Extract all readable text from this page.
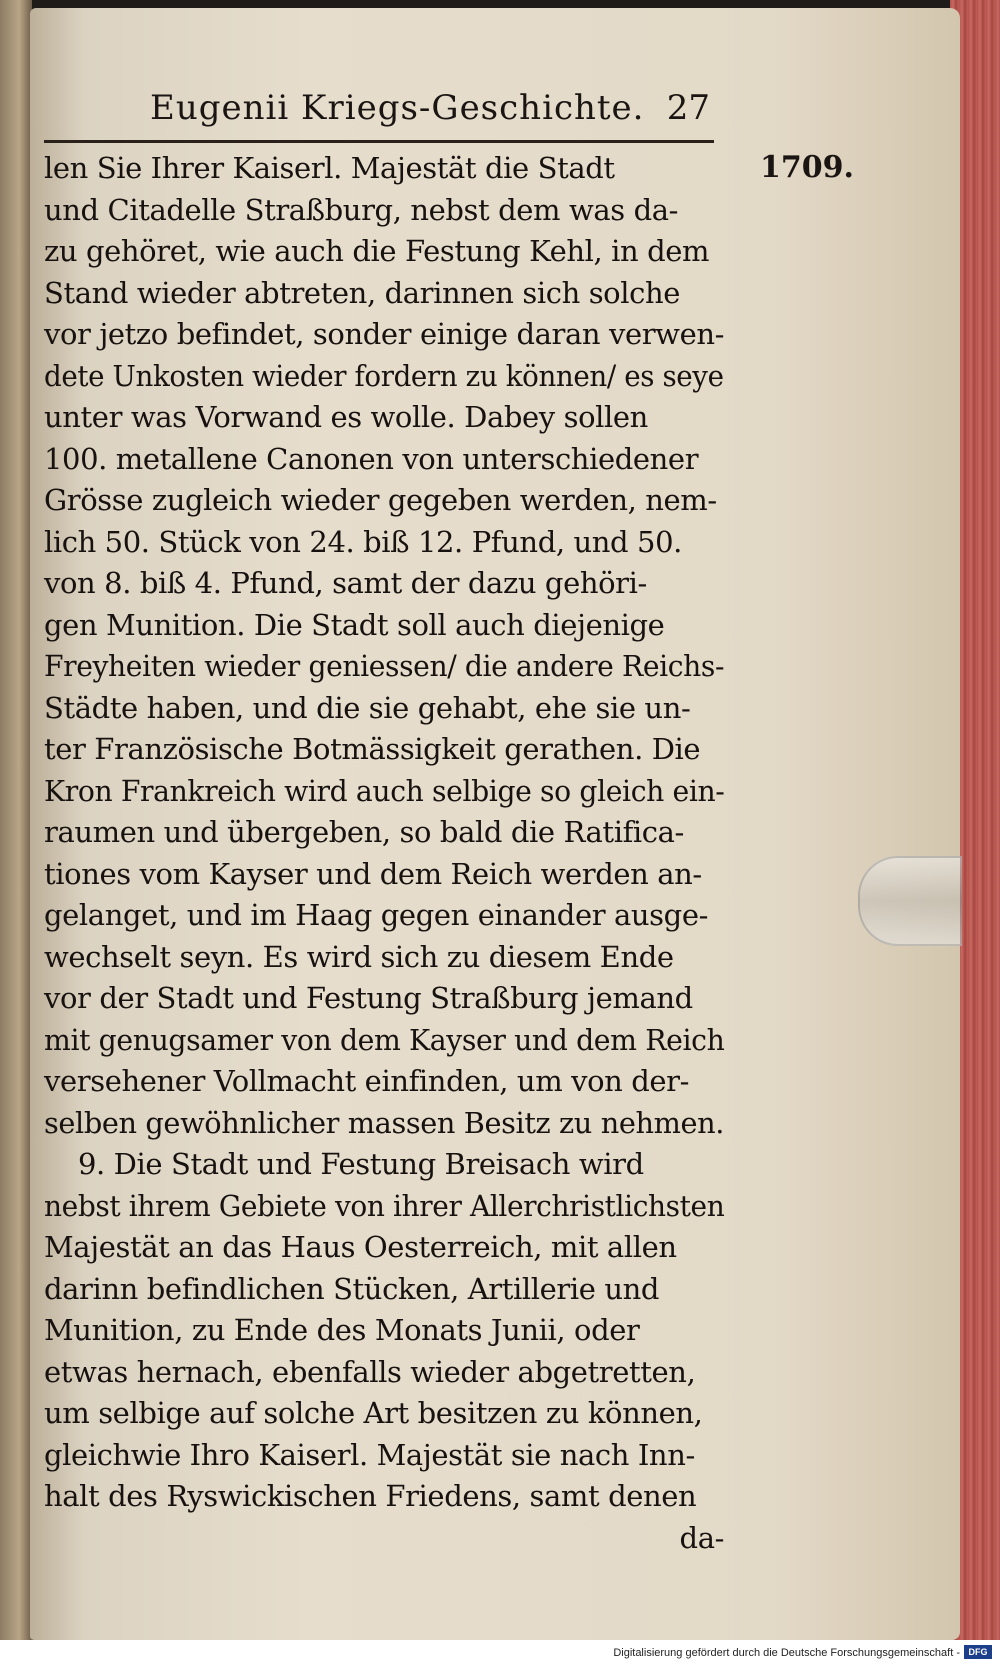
Eugenii Kriegs-Geschichte. 27
1709.
len Sie Ihrer Kaiserl. Majestät die Stadt
und Citadelle Straßburg, nebst dem was da-
zu gehöret, wie auch die Festung Kehl, in dem
Stand wieder abtreten, darinnen sich solche
vor jetzo befindet, sonder einige daran verwen-
dete Unkosten wieder fordern zu können/ es seye
unter was Vorwand es wolle. Dabey sollen
100. metallene Canonen von unterschiedener
Grösse zugleich wieder gegeben werden, nem-
lich 50. Stück von 24. biß 12. Pfund, und 50.
von 8. biß 4. Pfund, samt der dazu gehöri-
gen Munition. Die Stadt soll auch diejenige
Freyheiten wieder geniessen/ die andere Reichs-
Städte haben, und die sie gehabt, ehe sie un-
ter Französische Botmässigkeit gerathen. Die
Kron Frankreich wird auch selbige so gleich ein-
raumen und übergeben, so bald die Ratifica-
tiones vom Kayser und dem Reich werden an-
gelanget, und im Haag gegen einander ausge-
wechselt seyn. Es wird sich zu diesem Ende
vor der Stadt und Festung Straßburg jemand
mit genugsamer von dem Kayser und dem Reich
versehener Vollmacht einfinden, um von der-
selben gewöhnlicher massen Besitz zu nehmen.
9. Die Stadt und Festung Breisach wird
nebst ihrem Gebiete von ihrer Allerchristlichsten
Majestät an das Haus Oesterreich, mit allen
darinn befindlichen Stücken, Artillerie und
Munition, zu Ende des Monats Junii, oder
etwas hernach, ebenfalls wieder abgetretten,
um selbige auf solche Art besitzen zu können,
gleichwie Ihro Kaiserl. Majestät sie nach Inn-
halt des Ryswickischen Friedens, samt denen
da-
Digitalisierung gefördert durch die Deutsche Forschungsgemeinschaft - DFG
